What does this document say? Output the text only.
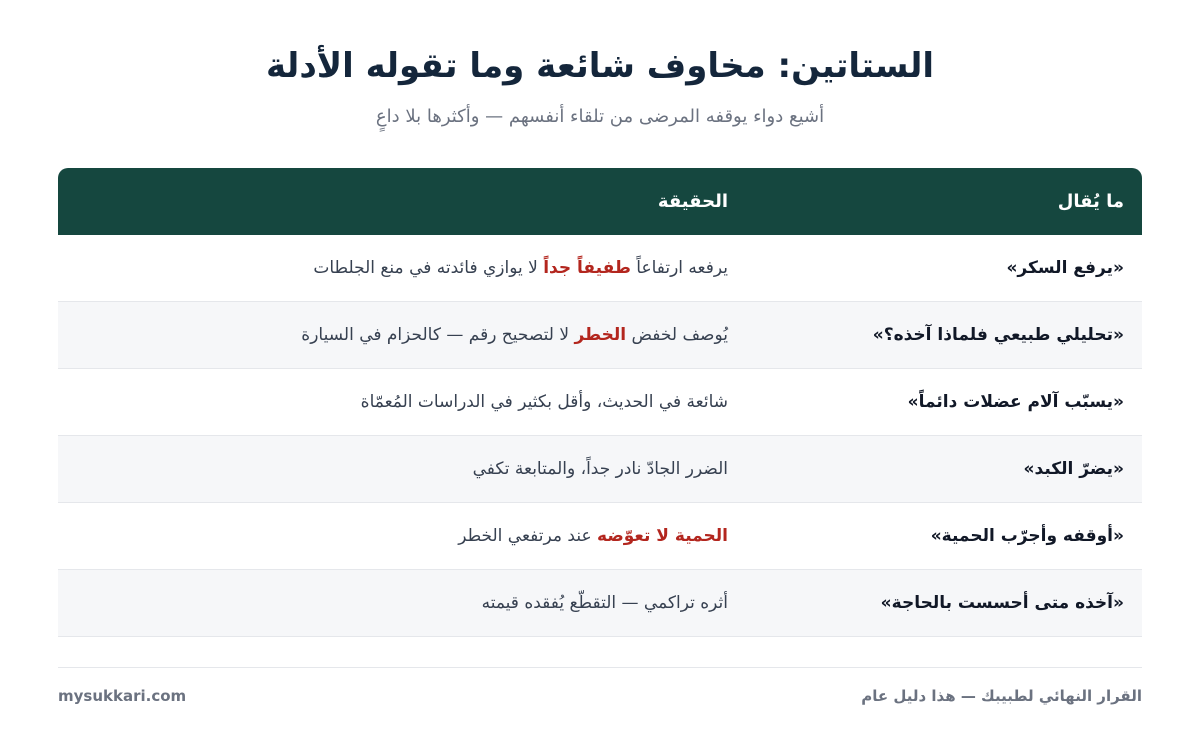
الستاتين: مخاوف شائعة وما تقوله الأدلة

أشيع دواء يوقفه المرضى من تلقاء أنفسهم — وأكثرها بلا داعٍ

ما يُقال
الحقيقة
«يرفع السكر»
يرفعه ارتفاعاً طفيفاً جداً لا يوازي فائدته في منع الجلطات
«تحليلي طبيعي فلماذا آخذه؟»
يُوصف لخفض الخطر لا لتصحيح رقم — كالحزام في السيارة
«يسبّب آلام عضلات دائماً»
شائعة في الحديث، وأقل بكثير في الدراسات المُعمّاة
«يضرّ الكبد»
الضرر الجادّ نادر جداً، والمتابعة تكفي
«أوقفه وأجرّب الحمية»
الحمية لا تعوّضه عند مرتفعي الخطر
«آخذه متى أحسست بالحاجة»
أثره تراكمي — التقطّع يُفقده قيمته
القرار النهائي لطبيبك — هذا دليل عام
mysukkari.com
